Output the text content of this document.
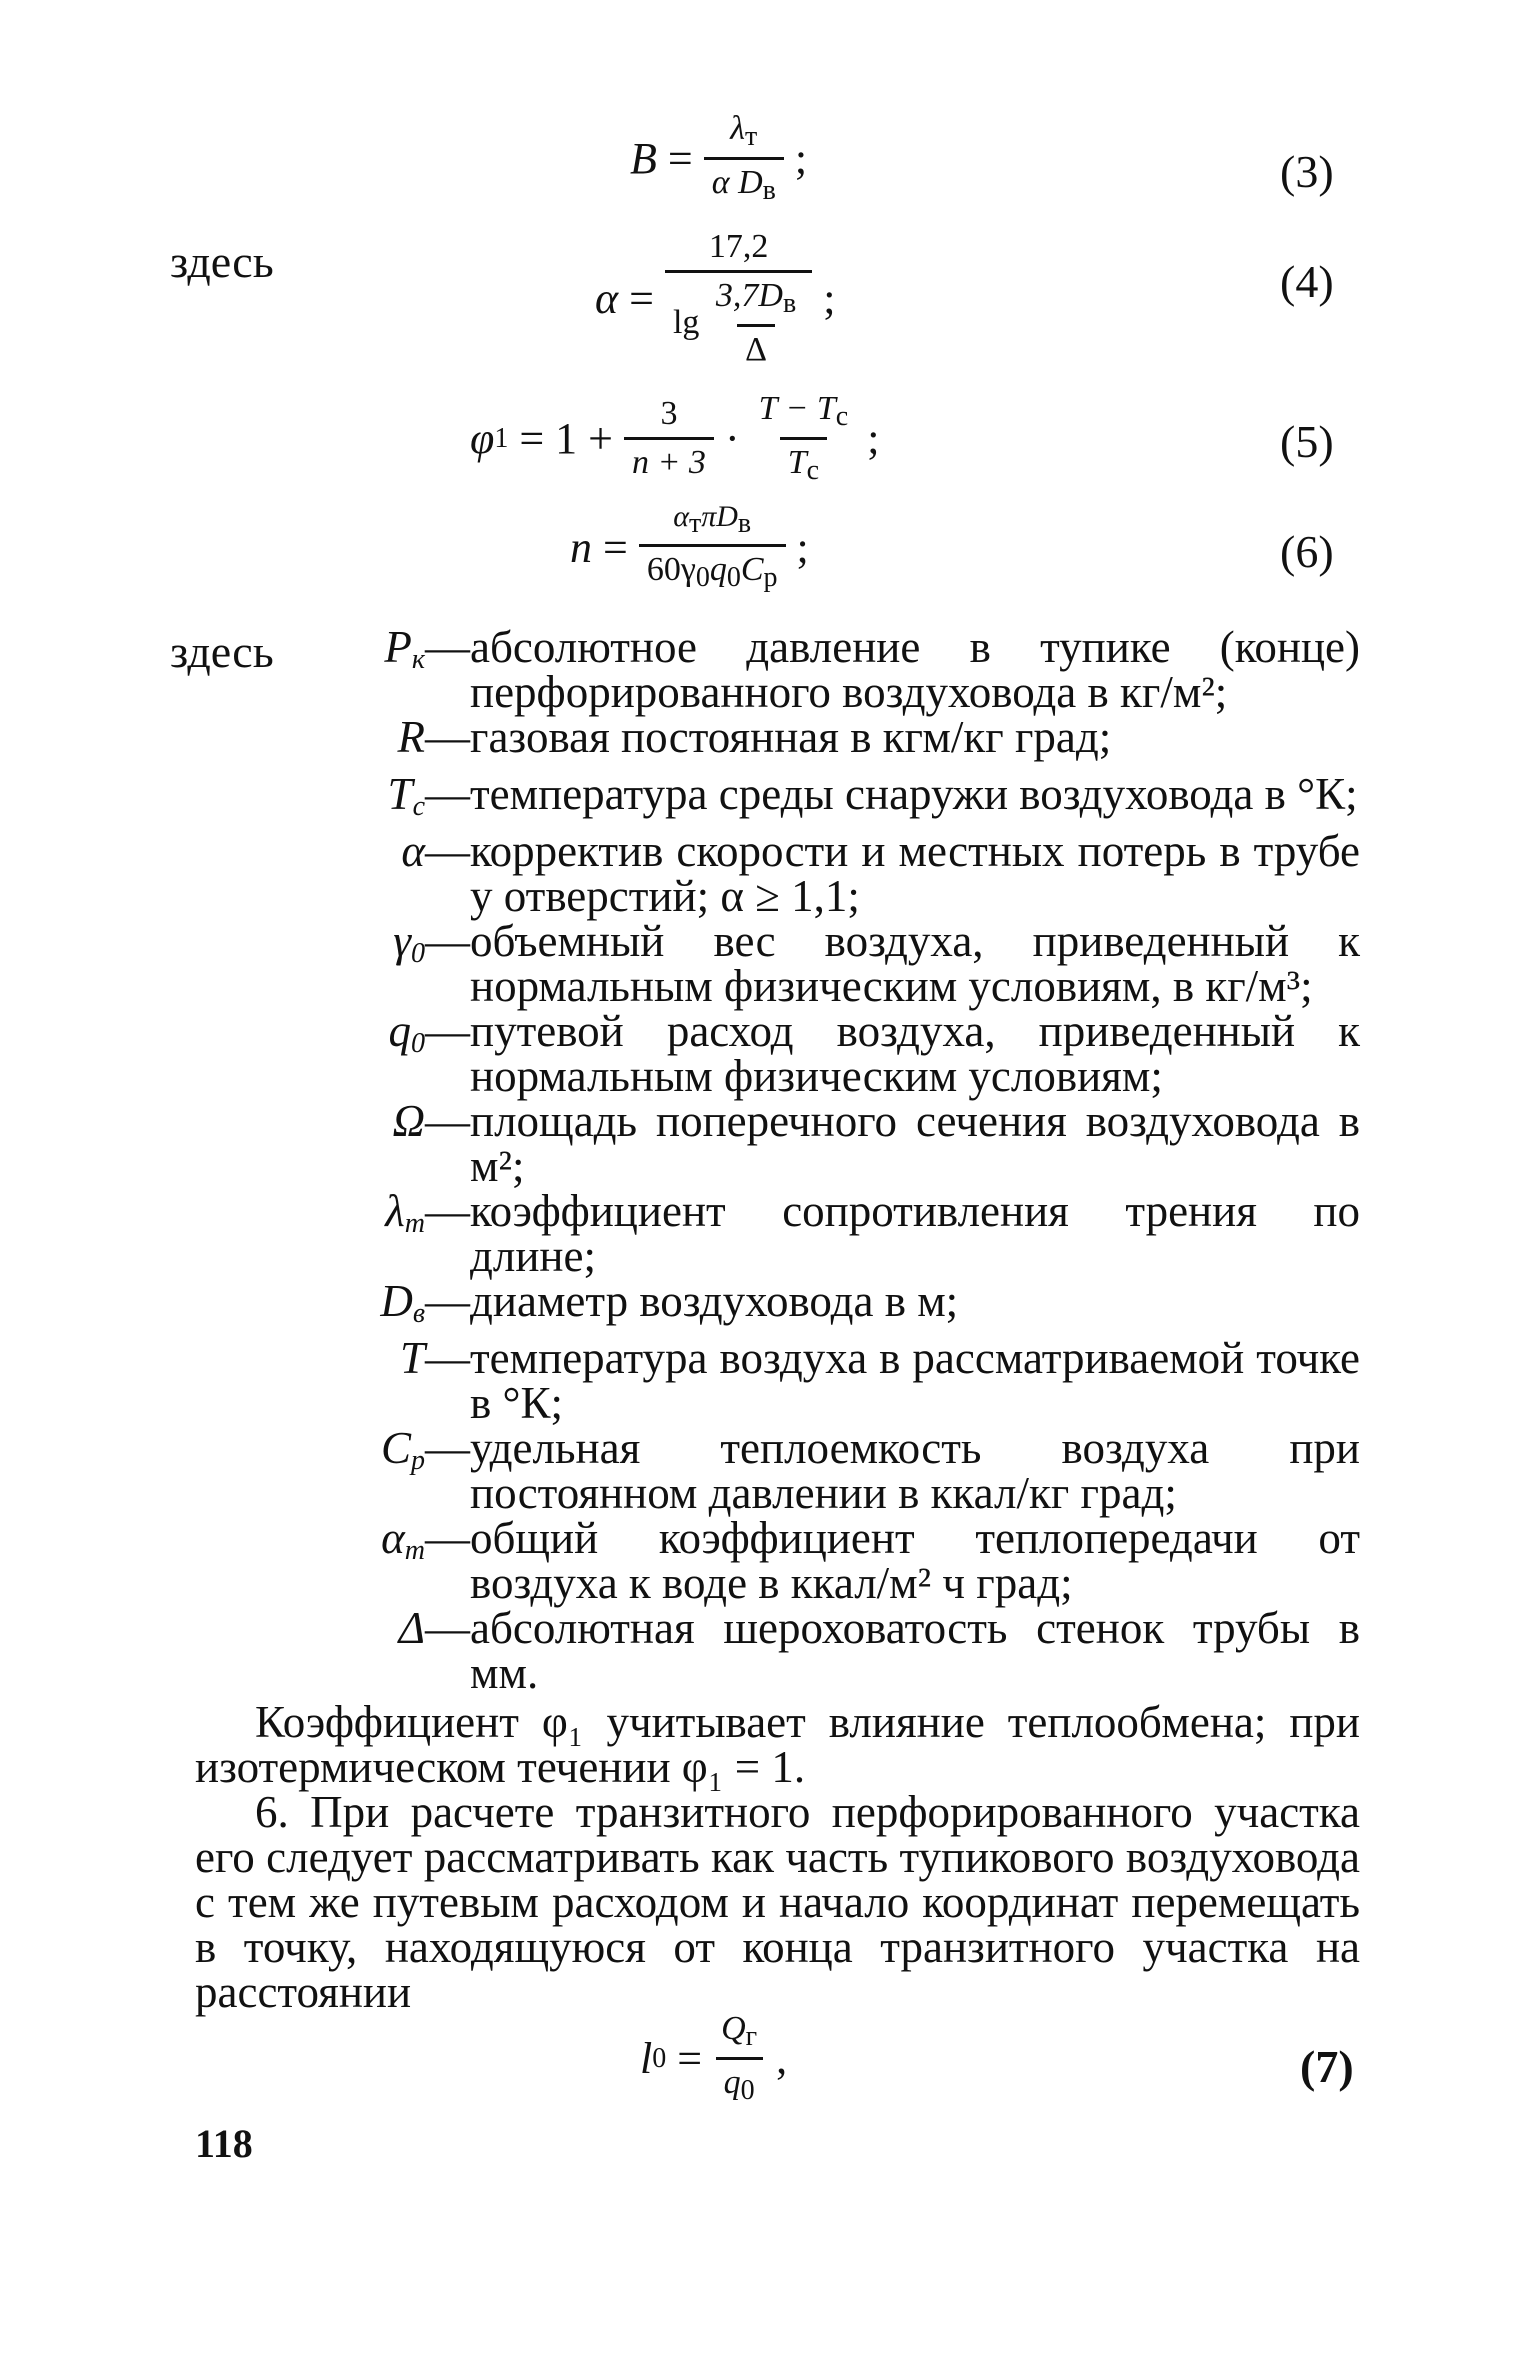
$B = \frac{\lambda_т}{\alpha D_в}$
;	(3)
здесь
α = 17,2
lg
$\frac{3,7D_в}{\Delta}$
;	(4)
φ 1
= 1 +
$\frac{3}{n + 3}$
·
$\frac{T - T_с}{T_с}$
;	(5)
$n = \frac{\text{αтπDв}}{60\gamma_0q_0C_p}$
;	(6)
здесь	$P_к$ — абсолютное давление в тупике (конце) перфорированного воздуховода в кг/м²;
R — газовая постоянная в кгм/кг град;
$T_с$ — температура среды снаружи воздуховода в °К;
α — корректив скорости и местных потерь в трубе у отверстий; α ≥ 1,1;
$\gamma_0$ — объемный вес воздуха, приведенный к нормальным физическим условиям, в кг/м³;
$q_0$ — путевой расход воздуха, приведенный к нормальным физическим условиям;
Ω — площадь поперечного сечения воздуховода в м²;
$\lambda_т$ — коэффициент сопротивления трения по длине;
$D_в$ — диаметр воздуховода в м;
T — температура воздуха в рассматриваемой точке в °К;
$C_p$ — удельная теплоемкость воздуха при постоянном давлении в ккал/кг град;
$\alpha_т$ — общий коэффициент теплопередачи от воздуха к воде в ккал/м² ч град;
Δ — абсолютная шероховатость стенок трубы в мм.
Коэффициент φ₁ учитывает влияние теплообмена; при изотермическом течении φ₁ = 1.
6. При расчете транзитного перфорированного участка его следует рассматривать как часть тупикового воздуховода с тем же путевым расходом и начало координат перемещать в точку, находящуюся от конца транзитного участка на расстоянии
l $0 = \frac{Q_г}{q_0}$
,	(7)
118
